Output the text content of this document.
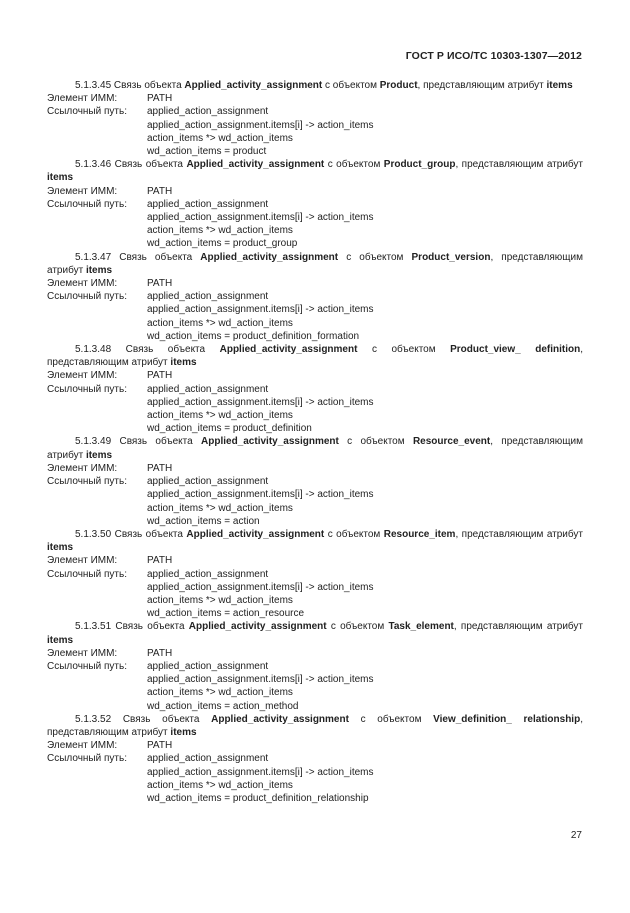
ГОСТ Р ИСО/ТС 10303-1307—2012
5.1.3.45 Связь объекта Applied_activity_assignment с объектом Product, представляющим атрибут items
Элемент ИММ:	PATH
Ссылочный путь:	applied_action_assignment
applied_action_assignment.items[i] -> action_items
action_items *> wd_action_items
wd_action_items = product
5.1.3.46 Связь объекта Applied_activity_assignment с объектом Product_group, представляющим атрибут items
Элемент ИММ:	PATH
Ссылочный путь:	applied_action_assignment
applied_action_assignment.items[i] -> action_items
action_items *> wd_action_items
wd_action_items = product_group
5.1.3.47 Связь объекта Applied_activity_assignment с объектом Product_version, представляющим атрибут items
Элемент ИММ:	PATH
Ссылочный путь:	applied_action_assignment
applied_action_assignment.items[i] -> action_items
action_items *> wd_action_items
wd_action_items = product_definition_formation
5.1.3.48 Связь объекта Applied_activity_assignment с объектом Product_view_ definition, представляющим атрибут items
Элемент ИММ:	PATH
Ссылочный путь:	applied_action_assignment
applied_action_assignment.items[i] -> action_items
action_items *> wd_action_items
wd_action_items = product_definition
5.1.3.49 Связь объекта Applied_activity_assignment с объектом Resource_event, представляющим атрибут items
Элемент ИММ:	PATH
Ссылочный путь:	applied_action_assignment
applied_action_assignment.items[i] -> action_items
action_items *> wd_action_items
wd_action_items = action
5.1.3.50 Связь объекта Applied_activity_assignment с объектом Resource_item, представляющим атрибут items
Элемент ИММ:	PATH
Ссылочный путь:	applied_action_assignment
applied_action_assignment.items[i] -> action_items
action_items *> wd_action_items
wd_action_items = action_resource
5.1.3.51 Связь объекта Applied_activity_assignment с объектом Task_element, представляющим атрибут items
Элемент ИММ:	PATH
Ссылочный путь:	applied_action_assignment
applied_action_assignment.items[i] -> action_items
action_items *> wd_action_items
wd_action_items = action_method
5.1.3.52 Связь объекта Applied_activity_assignment с объектом View_definition_ relationship, представляющим атрибут items
Элемент ИММ:	PATH
Ссылочный путь:	applied_action_assignment
applied_action_assignment.items[i] -> action_items
action_items *> wd_action_items
wd_action_items = product_definition_relationship
27
